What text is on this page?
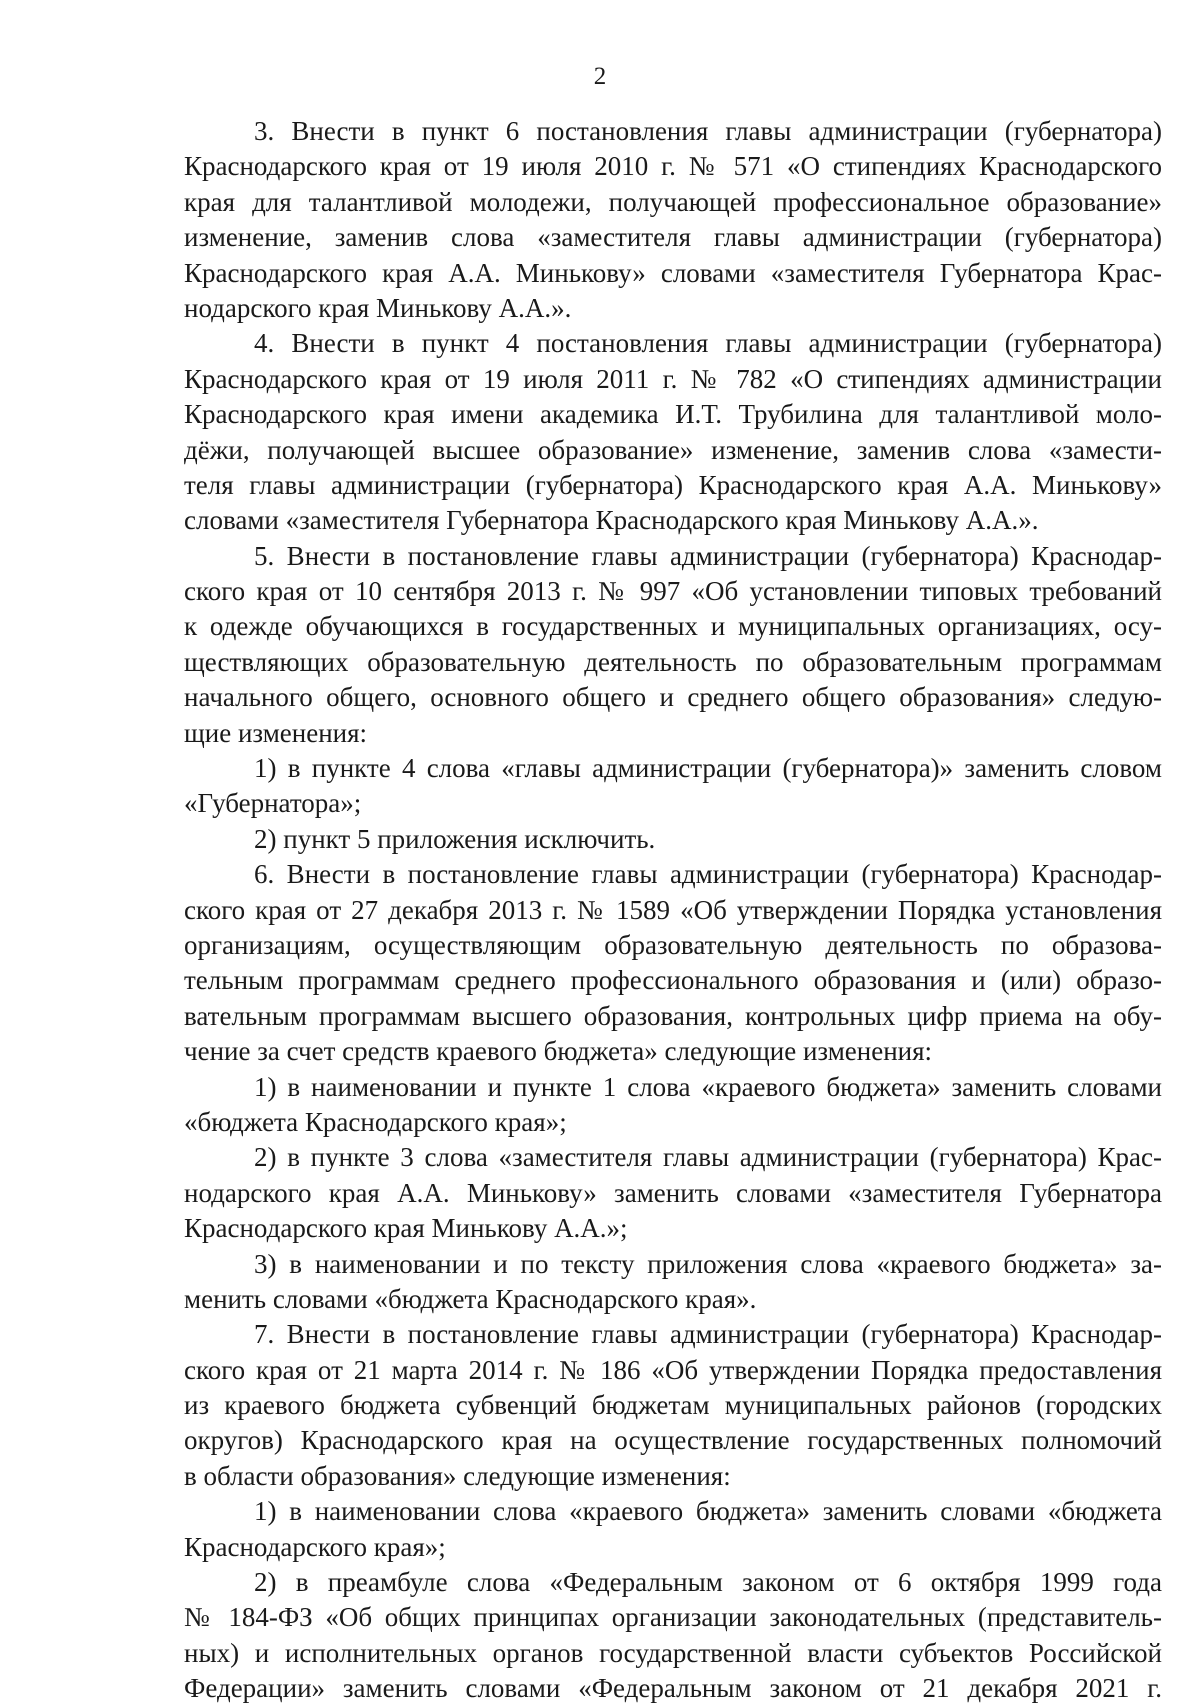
2
3. Внести в пункт 6 постановления главы администрации (губернатора)
Краснодарского края от 19 июля 2010 г. № 571 «О стипендиях Краснодарского
края для талантливой молодежи, получающей профессиональное образование»
изменение, заменив слова «заместителя главы администрации (губернатора)
Краснодарского края А.А. Минькову» словами «заместителя Губернатора Крас-
нодарского края Минькову А.А.».
4. Внести в пункт 4 постановления главы администрации (губернатора)
Краснодарского края от 19 июля 2011 г. № 782 «О стипендиях администрации
Краснодарского края имени академика И.Т. Трубилина для талантливой моло-
дёжи, получающей высшее образование» изменение, заменив слова «замести-
теля главы администрации (губернатора) Краснодарского края А.А. Минькову»
словами «заместителя Губернатора Краснодарского края Минькову А.А.».
5. Внести в постановление главы администрации (губернатора) Краснодар-
ского края от 10 сентября 2013 г. № 997 «Об установлении типовых требований
к одежде обучающихся в государственных и муниципальных организациях, осу-
ществляющих образовательную деятельность по образовательным программам
начального общего, основного общего и среднего общего образования» следую-
щие изменения:
1) в пункте 4 слова «главы администрации (губернатора)» заменить словом
«Губернатора»;
2) пункт 5 приложения исключить.
6. Внести в постановление главы администрации (губернатора) Краснодар-
ского края от 27 декабря 2013 г. № 1589 «Об утверждении Порядка установления
организациям, осуществляющим образовательную деятельность по образова-
тельным программам среднего профессионального образования и (или) образо-
вательным программам высшего образования, контрольных цифр приема на обу-
чение за счет средств краевого бюджета» следующие изменения:
1) в наименовании и пункте 1 слова «краевого бюджета» заменить словами
«бюджета Краснодарского края»;
2) в пункте 3 слова «заместителя главы администрации (губернатора) Крас-
нодарского края А.А. Минькову» заменить словами «заместителя Губернатора
Краснодарского края Минькову А.А.»;
3) в наименовании и по тексту приложения слова «краевого бюджета» за-
менить словами «бюджета Краснодарского края».
7. Внести в постановление главы администрации (губернатора) Краснодар-
ского края от 21 марта 2014 г. № 186 «Об утверждении Порядка предоставления
из краевого бюджета субвенций бюджетам муниципальных районов (городских
округов) Краснодарского края на осуществление государственных полномочий
в области образования» следующие изменения:
1) в наименовании слова «краевого бюджета» заменить словами «бюджета
Краснодарского края»;
2) в преамбуле слова «Федеральным законом от 6 октября 1999 года
№ 184-ФЗ «Об общих принципах организации законодательных (представитель-
ных) и исполнительных органов государственной власти субъектов Российской
Федерации» заменить словами «Федеральным законом от 21 декабря 2021 г.
